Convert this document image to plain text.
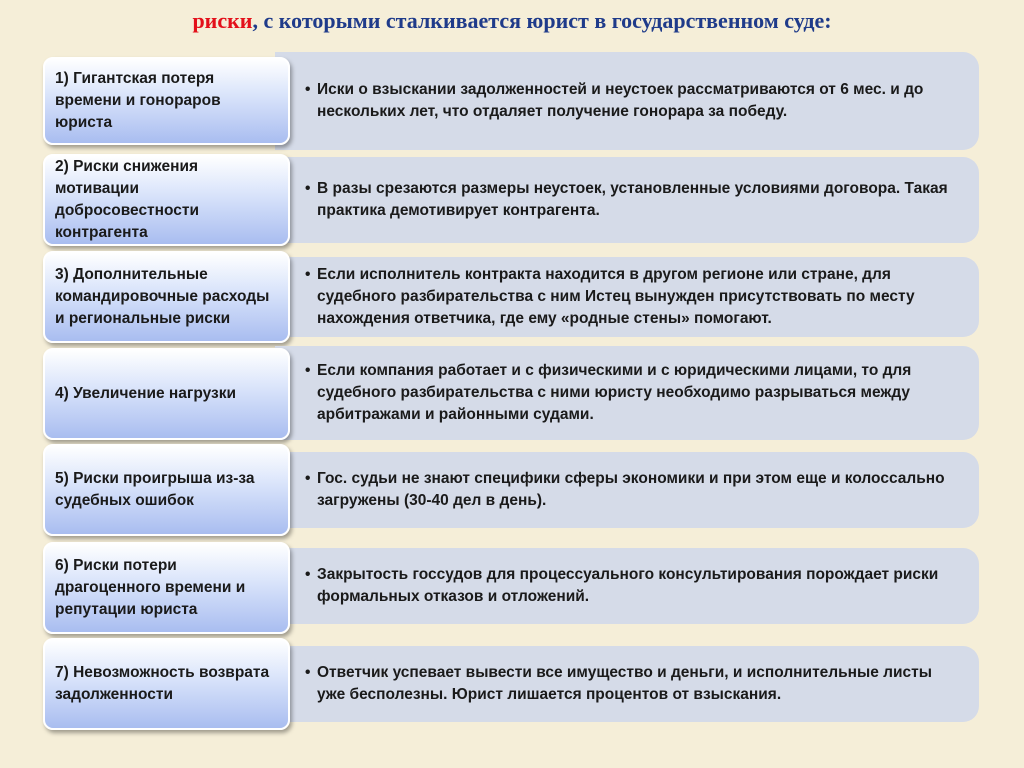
риски, с которыми сталкивается юрист в государственном суде:
• Иски о взыскании задолженностей и неустоек рассматриваются от 6 мес. и до нескольких лет, что отдаляет получение гонорара за победу.
1) Гигантская потеря времени и гонораров юриста
• В разы срезаются размеры неустоек, установленные условиями договора. Такая практика демотивирует контрагента.
2) Риски снижения мотивации добросовестности контрагента
• Если исполнитель контракта находится в другом регионе или стране, для судебного разбирательства с ним Истец вынужден присутствовать по месту нахождения ответчика, где ему «родные стены» помогают.
3) Дополнительные командировочные расходы и региональные риски
• Если компания работает и с физическими и с юридическими лицами, то для судебного разбирательства с ними юристу необходимо разрываться между арбитражами и районными судами.
4) Увеличение нагрузки
• Гос. судьи не знают специфики сферы экономики и при этом еще и колоссально загружены (30-40 дел в день).
5) Риски проигрыша из-за судебных ошибок
• Закрытость госсудов для процессуального консультирования порождает риски формальных отказов и отложений.
6) Риски потери драгоценного времени и репутации юриста
• Ответчик успевает вывести все имущество и деньги, и исполнительные листы уже бесполезны. Юрист лишается процентов от взыскания.
7) Невозможность возврата задолженности
